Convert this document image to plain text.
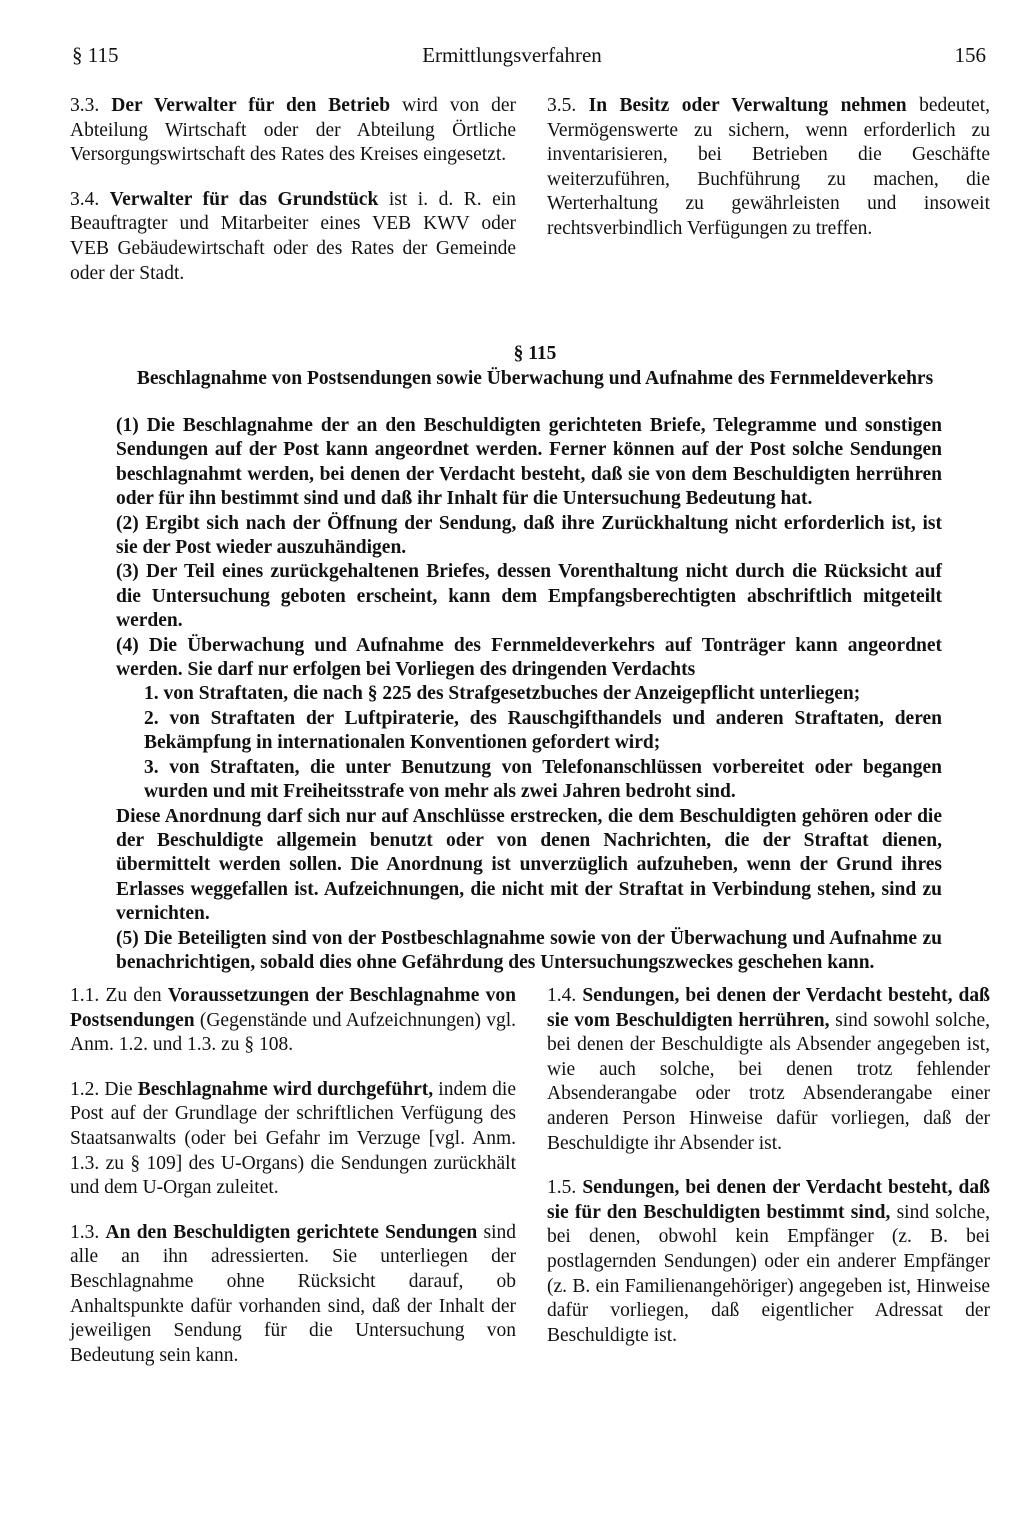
§ 115	Ermittlungsverfahren	156

3.3. Der Verwalter für den Betrieb wird von der Abteilung Wirtschaft oder der Abteilung Örtliche Versorgungswirtschaft des Rates des Kreises eingesetzt.

3.4. Verwalter für das Grundstück ist i. d. R. ein Beauftragter und Mitarbeiter eines VEB KWV oder VEB Gebäudewirtschaft oder des Rates der Gemeinde oder der Stadt.

3.5. In Besitz oder Verwaltung nehmen bedeutet, Vermögenswerte zu sichern, wenn erforderlich zu inventarisieren, bei Betrieben die Geschäfte weiterzuführen, Buchführung zu machen, die Werterhaltung zu gewährleisten und insoweit rechtsverbindlich Verfügungen zu treffen.

§ 115
Beschlagnahme von Postsendungen sowie Überwachung und Aufnahme des Fernmeldeverkehrs

(1) Die Beschlagnahme der an den Beschuldigten gerichteten Briefe, Telegramme und sonstigen Sendungen auf der Post kann angeordnet werden. Ferner können auf der Post solche Sendungen beschlagnahmt werden, bei denen der Verdacht besteht, daß sie von dem Beschuldigten herrühren oder für ihn bestimmt sind und daß ihr Inhalt für die Untersuchung Bedeutung hat.

(2) Ergibt sich nach der Öffnung der Sendung, daß ihre Zurückhaltung nicht erforderlich ist, ist sie der Post wieder auszuhändigen.

(3) Der Teil eines zurückgehaltenen Briefes, dessen Vorenthaltung nicht durch die Rücksicht auf die Untersuchung geboten erscheint, kann dem Empfangsberechtigten abschriftlich mitgeteilt werden.

(4) Die Überwachung und Aufnahme des Fernmeldeverkehrs auf Tonträger kann angeordnet werden. Sie darf nur erfolgen bei Vorliegen des dringenden Verdachts

1. von Straftaten, die nach § 225 des Strafgesetzbuches der Anzeigepflicht unterliegen;

2. von Straftaten der Luftpiraterie, des Rauschgifthandels und anderen Straftaten, deren Bekämpfung in internationalen Konventionen gefordert wird;

3. von Straftaten, die unter Benutzung von Telefonanschlüssen vorbereitet oder begangen wurden und mit Freiheitsstrafe von mehr als zwei Jahren bedroht sind.

Diese Anordnung darf sich nur auf Anschlüsse erstrecken, die dem Beschuldigten gehören oder die der Beschuldigte allgemein benutzt oder von denen Nachrichten, die der Straftat dienen, übermittelt werden sollen. Die Anordnung ist unverzüglich aufzuheben, wenn der Grund ihres Erlasses weggefallen ist. Aufzeichnungen, die nicht mit der Straftat in Verbindung stehen, sind zu vernichten.

(5) Die Beteiligten sind von der Postbeschlagnahme sowie von der Überwachung und Aufnahme zu benachrichtigen, sobald dies ohne Gefährdung des Untersuchungszweckes geschehen kann.

1.1. Zu den Voraussetzungen der Beschlagnahme von Postsendungen (Gegenstände und Aufzeichnungen) vgl. Anm. 1.2. und 1.3. zu § 108.

1.2. Die Beschlagnahme wird durchgeführt, indem die Post auf der Grundlage der schriftlichen Verfügung des Staatsanwalts (oder bei Gefahr im Verzuge [vgl. Anm. 1.3. zu § 109] des U-Organs) die Sendungen zurückhält und dem U-Organ zuleitet.

1.3. An den Beschuldigten gerichtete Sendungen sind alle an ihn adressierten. Sie unterliegen der Beschlagnahme ohne Rücksicht darauf, ob Anhaltspunkte dafür vorhanden sind, daß der Inhalt der jeweiligen Sendung für die Untersuchung von Bedeutung sein kann.

1.4. Sendungen, bei denen der Verdacht besteht, daß sie vom Beschuldigten herrühren, sind sowohl solche, bei denen der Beschuldigte als Absender angegeben ist, wie auch solche, bei denen trotz fehlender Absenderangabe oder trotz Absenderangabe einer anderen Person Hinweise dafür vorliegen, daß der Beschuldigte ihr Absender ist.

1.5. Sendungen, bei denen der Verdacht besteht, daß sie für den Beschuldigten bestimmt sind, sind solche, bei denen, obwohl kein Empfänger (z. B. bei postlagernden Sendungen) oder ein anderer Empfänger (z. B. ein Familienangehöriger) angegeben ist, Hinweise dafür vorliegen, daß eigentlicher Adressat der Beschuldigte ist.
